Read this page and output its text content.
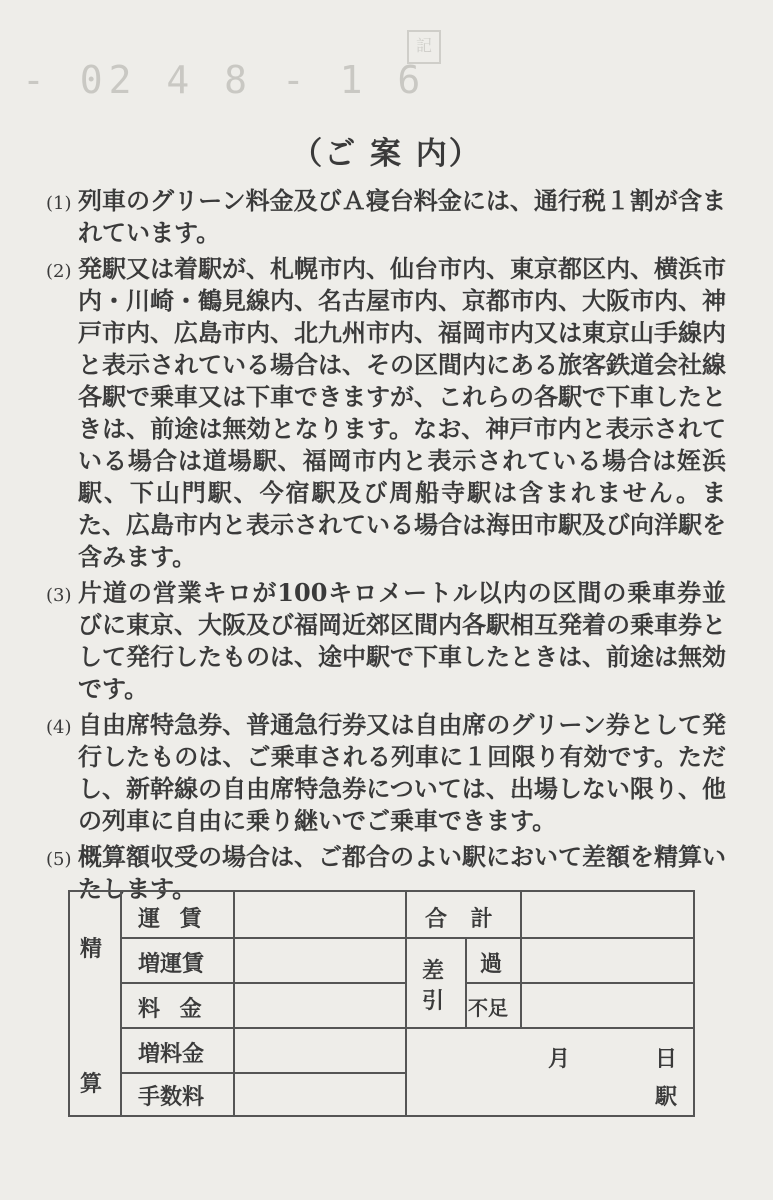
- 02 4 8 - 1 6
記
（ご 案 内）
(1) 列車のグリーン料金及びＡ寝台料金には、通行税１割が含まれています。
(2) 発駅又は着駅が、札幌市内、仙台市内、東京都区内、横浜市内・川崎・鶴見線内、名古屋市内、京都市内、大阪市内、神戸市内、広島市内、北九州市内、福岡市内又は東京山手線内と表示されている場合は、その区間内にある旅客鉄道会社線各駅で乗車又は下車できますが、これらの各駅で下車したときは、前途は無効となります。なお、神戸市内と表示されている場合は道場駅、福岡市内と表示されている場合は姪浜駅、下山門駅、今宿駅及び周船寺駅は含まれません。また、広島市内と表示されている場合は海田市駅及び向洋駅を含みます。
(3) 片道の営業キロが100キロメートル以内の区間の乗車券並びに東京、大阪及び福岡近郊区間内各駅相互発着の乗車券として発行したものは、途中駅で下車したときは、前途は無効です。
(4) 自由席特急券、普通急行券又は自由席のグリーン券として発行したものは、ご乗車される列車に１回限り有効です。ただし、新幹線の自由席特急券については、出場しない限り、他の列車に自由に乗り継いでご乗車できます。
(5) 概算額収受の場合は、ご都合のよい駅において差額を精算いたします。
精
算
運 賃
増運賃
料 金
増料金
手数料
合 計
差
引
過
不足
月	日
駅
